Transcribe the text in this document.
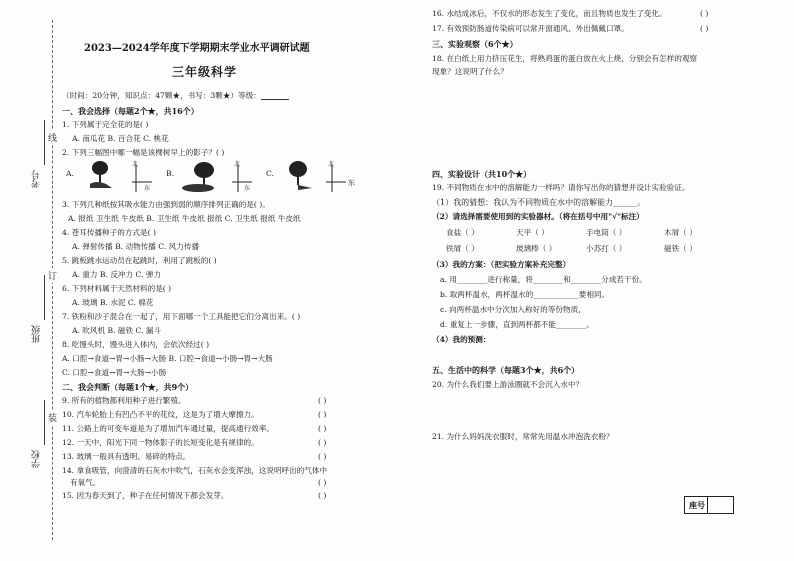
考号
班级
学校
线
订
装
2023—2024学年度下学期期末学业水平调研试题
三年级科学
（时间：20分钟，知识点：47颗★，书写：3颗★）等级：
一、我会选择（每题2个★，共16个）
1. 下列属于完全花的是( )
A. 南瓜花 B. 百合花 C. 桃花
2. 下列三幅图中哪一幅是该棵树早上的影子？( )
A.
北
东
B.
北
东
C.
北
东
3. 下列几种纸按其吸水能力由强到弱的顺序排列正确的是( )。
A. 报纸 卫生纸 牛皮纸 B. 卫生纸 牛皮纸 报纸 C. 卫生纸 报纸 牛皮纸
4. 苍耳传播种子的方式是( )
A. 弹射传播 B. 动物传播 C. 风力传播
5. 跳板跳水运动员在起跳时，利用了跳板的( )
A. 重力 B. 反冲力 C. 弹力
6. 下列材料属于天然材料的是( )
A. 玻璃 B. 水泥 C. 棉花
7. 铁粉和沙子混合在一起了，用下面哪一个工具能把它们分离出来。( )
A. 吹风机 B. 磁铁 C. 漏斗
8. 吃馒头时，馒头进入体内，会依次经过( )
A. 口腔→食道→胃→小肠→大肠 B. 口腔→食道→小肠→胃→大肠
C. 口腔→食道→胃→大肠→小肠
二、我会判断（每题1个★，共9个）
9. 所有的植物都利用种子进行繁殖。	( )
10. 汽车轮胎上有凹凸不平的花纹，这是为了增大摩擦力。	( )
11. 公路上的可变车道是为了增加汽车通过量，提高通行效率。	( )
12. 一天中，阳光下同一物体影子的长短变化是有规律的。	( )
13. 玻璃一般具有透明、易碎的特点。	( )
14. 拿食吸管，向澄清的石灰水中吹气，石灰水会变浑浊，这说明呼出的气体中
有氧气。	( )
15. 因为春天到了，种子在任何情况下都会发芽。	( )
16. 水结成冰后，不仅水的形态发生了变化，而且物质也发生了变化。	( )
17. 有效预防肠道传染病可以常开窗通风、外出佩戴口罩。	( )
三、实验观察（6个★）
18. 在白纸上用力挤压花生，将熟鸡蛋的蛋白放在火上烧，分别会有怎样的观察
现象？这说明了什么？
四、实验设计（共10个★）
19. 不同物质在水中的溶解能力一样吗？请你写出你的猜想并设计实验验证。
（1）我的猜想：我认为不同物质在水中的溶解能力______。
（2）请选择需要使用到的实验器材。（将在括号中用"√"标注）
食盐（ ）	天平（ ）	手电筒（ ）	木屑（ ）
铁屑（ ）	玻璃棒（ ）	小苏打（ ）	磁铁（ ）
（3）我的方案：（把实验方案补充完整）
a. 用________进行称量，将________和________分成若干份。
b. 取两杯温水，两杯温水的____________要相同。
c. 向两杯温水中分次加入称好的等份物质，
d. 重复上一步骤，直到两杯都不能________。
（4）我的预测：
五、生活中的科学（每题3个★，共6个）
20. 为什么我们要上游泳圈就不会沉入水中？
21. 为什么妈妈洗衣服时，常常先用温水冲泡洗衣粉？
座号
